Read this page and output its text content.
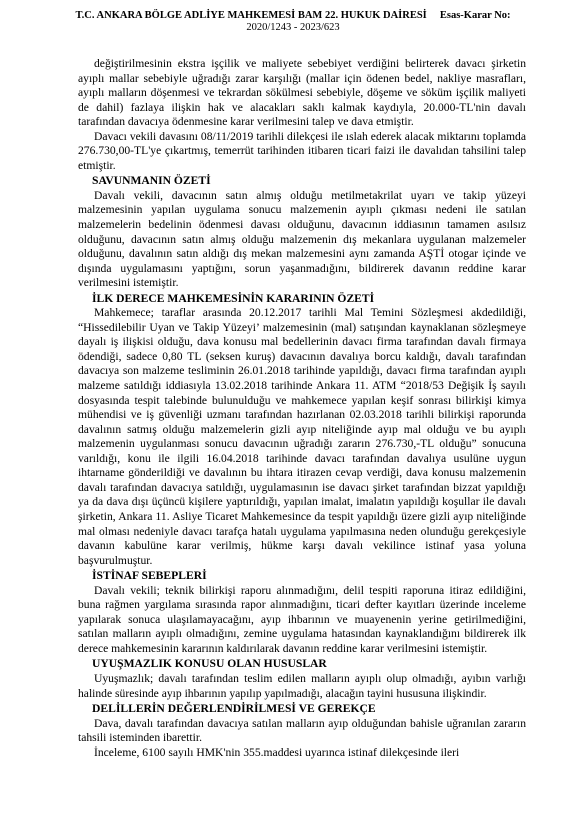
T.C. ANKARA BÖLGE ADLİYE MAHKEMESİ BAM 22. HUKUK DAİRESİ Esas-Karar No:
2020/1243 - 2023/623

değiştirilmesinin ekstra işçilik ve maliyete sebebiyet verdiğini belirterek davacı şirketin ayıplı mallar sebebiyle uğradığı zarar karşılığı (mallar için ödenen bedel, nakliye masrafları, ayıplı malların döşenmesi ve tekrardan sökülmesi sebebiyle, döşeme ve söküm işçilik maliyeti de dahil) fazlaya ilişkin hak ve alacakları saklı kalmak kaydıyla, 20.000-TL'nin davalı tarafından davacıya ödenmesine karar verilmesini talep ve dava etmiştir.

Davacı vekili davasını 08/11/2019 tarihli dilekçesi ile ıslah ederek alacak miktarını toplamda 276.730,00-TL'ye çıkartmış, temerrüt tarihinden itibaren ticari faizi ile davalıdan tahsilini talep etmiştir.

SAVUNMANIN ÖZETİ

Davalı vekili, davacının satın almış olduğu metilmetakrilat uyarı ve takip yüzeyi malzemesinin yapılan uygulama sonucu malzemenin ayıplı çıkması nedeni ile satılan malzemelerin bedelinin ödenmesi davası olduğunu, davacının iddiasının tamamen asılsız olduğunu, davacının satın almış olduğu malzemenin dış mekanlara uygulanan malzemeler olduğunu, davalının satın aldığı dış mekan malzemesini aynı zamanda AŞTİ otogar içinde ve dışında uygulamasını yaptığını, sorun yaşanmadığını, bildirerek davanın reddine karar verilmesini istemiştir.

İLK DERECE MAHKEMESİNİN KARARININ ÖZETİ

Mahkemece; taraflar arasında 20.12.2017 tarihli Mal Temini Sözleşmesi akdedildiği, “Hissedilebilir Uyan ve Takip Yüzeyi’ malzemesinin (mal) satışından kaynaklanan sözleşmeye dayalı iş ilişkisi olduğu, dava konusu mal bedellerinin davacı firma tarafından davalı firmaya ödendiği, sadece 0,80 TL (seksen kuruş) davacının davalıya borcu kaldığı, davalı tarafından davacıya son malzeme tesliminin 26.01.2018 tarihinde yapıldığı, davacı firma tarafından ayıplı malzeme satıldığı iddiasıyla 13.02.2018 tarihinde Ankara 11. ATM “2018/53 Değişik İş sayılı dosyasında tespit talebinde bulunulduğu ve mahkemece yapılan keşif sonrası bilirkişi kimya mühendisi ve iş güvenliği uzmanı tarafından hazırlanan 02.03.2018 tarihli bilirkişi raporunda davalının satmış olduğu malzemelerin gizli ayıp niteliğinde ayıp mal olduğu ve bu ayıplı malzemenin uygulanması sonucu davacının uğradığı zararın 276.730,-TL olduğu” sonucuna varıldığı, konu ile ilgili 16.04.2018 tarihinde davacı tarafından davalıya usulüne uygun ihtarname gönderildiği ve davalının bu ihtara itirazen cevap verdiği, dava konusu malzemenin davalı tarafından davacıya satıldığı, uygulamasının ise davacı şirket tarafından bizzat yapıldığı ya da dava dışı üçüncü kişilere yaptırıldığı, yapılan imalat, imalatın yapıldığı koşullar ile davalı şirketin, Ankara 11. Asliye Ticaret Mahkemesince da tespit yapıldığı üzere gizli ayıp niteliğinde mal olması nedeniyle davacı tarafça hatalı uygulama yapılmasına neden olunduğu gerekçesiyle davanın kabulüne karar verilmiş, hükme karşı davalı vekilince istinaf yasa yoluna başvurulmuştur.

İSTİNAF SEBEPLERİ

Davalı vekili; teknik bilirkişi raporu alınmadığını, delil tespiti raporuna itiraz edildiğini, buna rağmen yargılama sırasında rapor alınmadığını, ticari defter kayıtları üzerinde inceleme yapılarak sonuca ulaşılamayacağını, ayıp ihbarının ve muayenenin yerine getirilmediğini, satılan malların ayıplı olmadığını, zemine uygulama hatasından kaynaklandığını bildirerek ilk derece mahkemesinin kararının kaldırılarak davanın reddine karar verilmesini istemiştir.

UYUŞMAZLIK KONUSU OLAN HUSUSLAR

Uyuşmazlık; davalı tarafından teslim edilen malların ayıplı olup olmadığı, ayıbın varlığı halinde süresinde ayıp ihbarının yapılıp yapılmadığı, alacağın tayini hususuna ilişkindir.

DELİLLERİN DEĞERLENDİRİLMESİ VE GEREKÇE

Dava, davalı tarafından davacıya satılan malların ayıp olduğundan bahisle uğranılan zararın tahsili isteminden ibarettir.

İnceleme, 6100 sayılı HMK'nin 355.maddesi uyarınca istinaf dilekçesinde ileri
